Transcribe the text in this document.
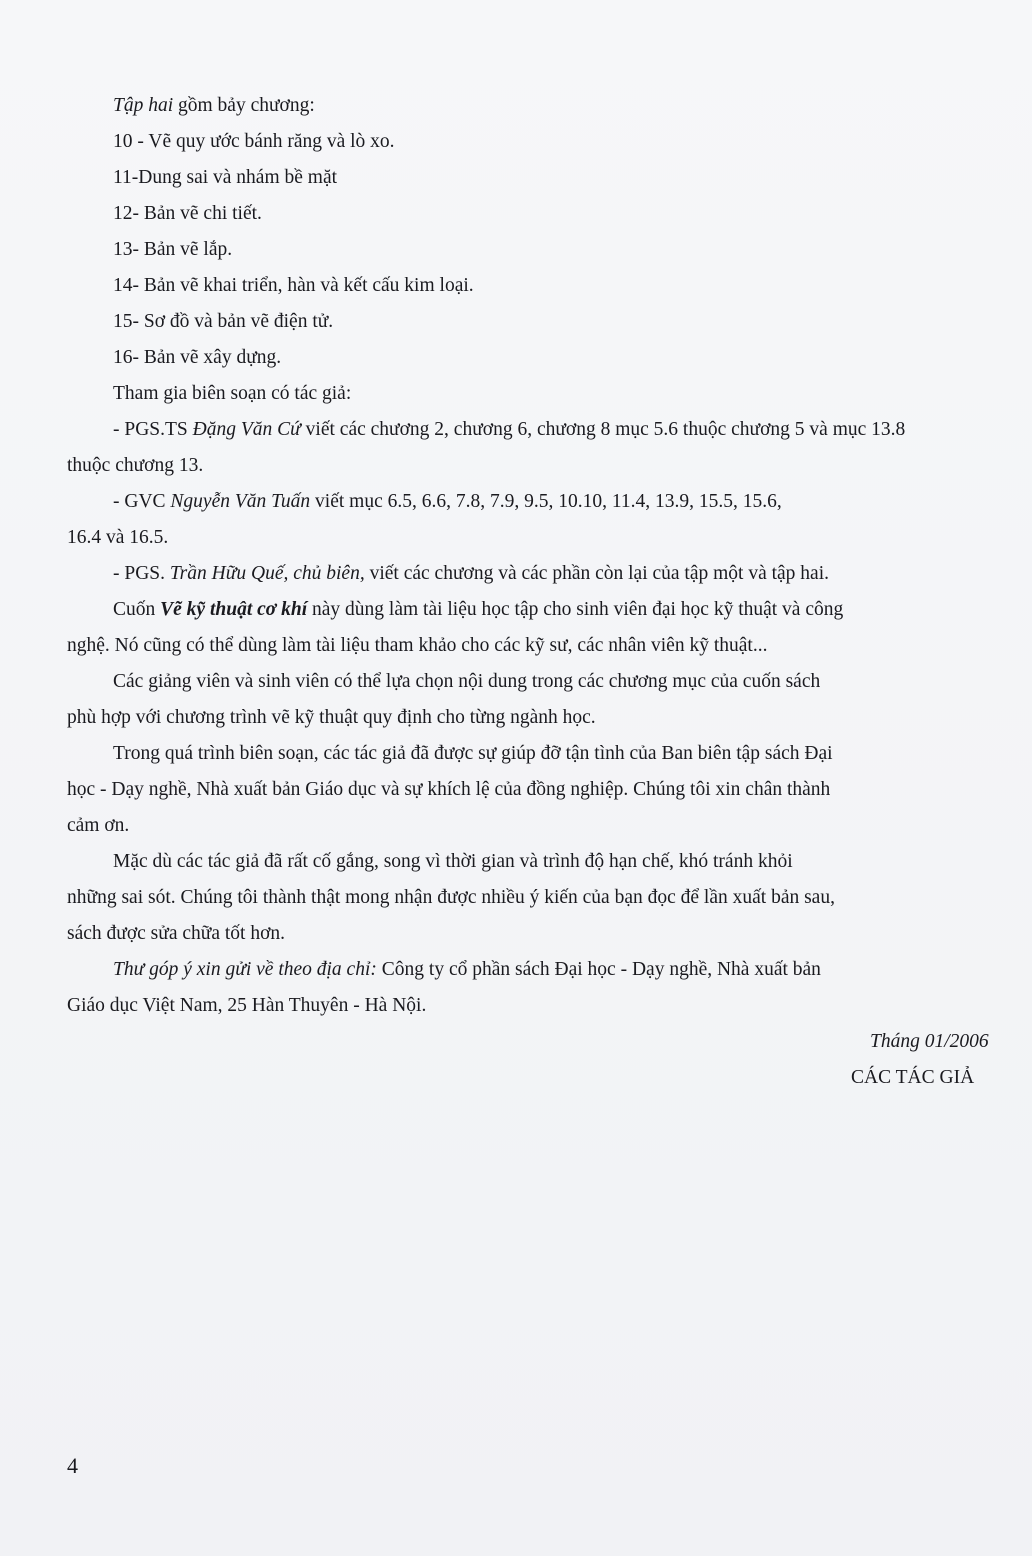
Tập hai gồm bảy chương:
10 - Vẽ quy ước bánh răng và lò xo.
11-Dung sai và nhám bề mặt
12- Bản vẽ chi tiết.
13- Bản vẽ lắp.
14- Bản vẽ khai triển, hàn và kết cấu kim loại.
15- Sơ đồ và bản vẽ điện tử.
16- Bản vẽ xây dựng.
Tham gia biên soạn có tác giả:
- PGS.TS Đặng Văn Cứ viết các chương 2, chương 6, chương 8 mục 5.6 thuộc chương 5 và mục 13.8
thuộc chương 13.
- GVC Nguyễn Văn Tuấn viết mục 6.5, 6.6, 7.8, 7.9, 9.5, 10.10, 11.4, 13.9, 15.5, 15.6,
16.4 và 16.5.
- PGS. Trần Hữu Quế, chủ biên, viết các chương và các phần còn lại của tập một và tập hai.
Cuốn Vẽ kỹ thuật cơ khí này dùng làm tài liệu học tập cho sinh viên đại học kỹ thuật và công
nghệ. Nó cũng có thể dùng làm tài liệu tham khảo cho các kỹ sư, các nhân viên kỹ thuật...
Các giảng viên và sinh viên có thể lựa chọn nội dung trong các chương mục của cuốn sách
phù hợp với chương trình vẽ kỹ thuật quy định cho từng ngành học.
Trong quá trình biên soạn, các tác giả đã được sự giúp đỡ tận tình của Ban biên tập sách Đại
học - Dạy nghề, Nhà xuất bản Giáo dục và sự khích lệ của đồng nghiệp. Chúng tôi xin chân thành
cảm ơn.
Mặc dù các tác giả đã rất cố gắng, song vì thời gian và trình độ hạn chế, khó tránh khỏi
những sai sót. Chúng tôi thành thật mong nhận được nhiều ý kiến của bạn đọc để lần xuất bản sau,
sách được sửa chữa tốt hơn.
Thư góp ý xin gửi về theo địa chỉ: Công ty cổ phần sách Đại học - Dạy nghề, Nhà xuất bản
Giáo dục Việt Nam, 25 Hàn Thuyên - Hà Nội.
Tháng 01/2006
CÁC TÁC GIẢ
4
